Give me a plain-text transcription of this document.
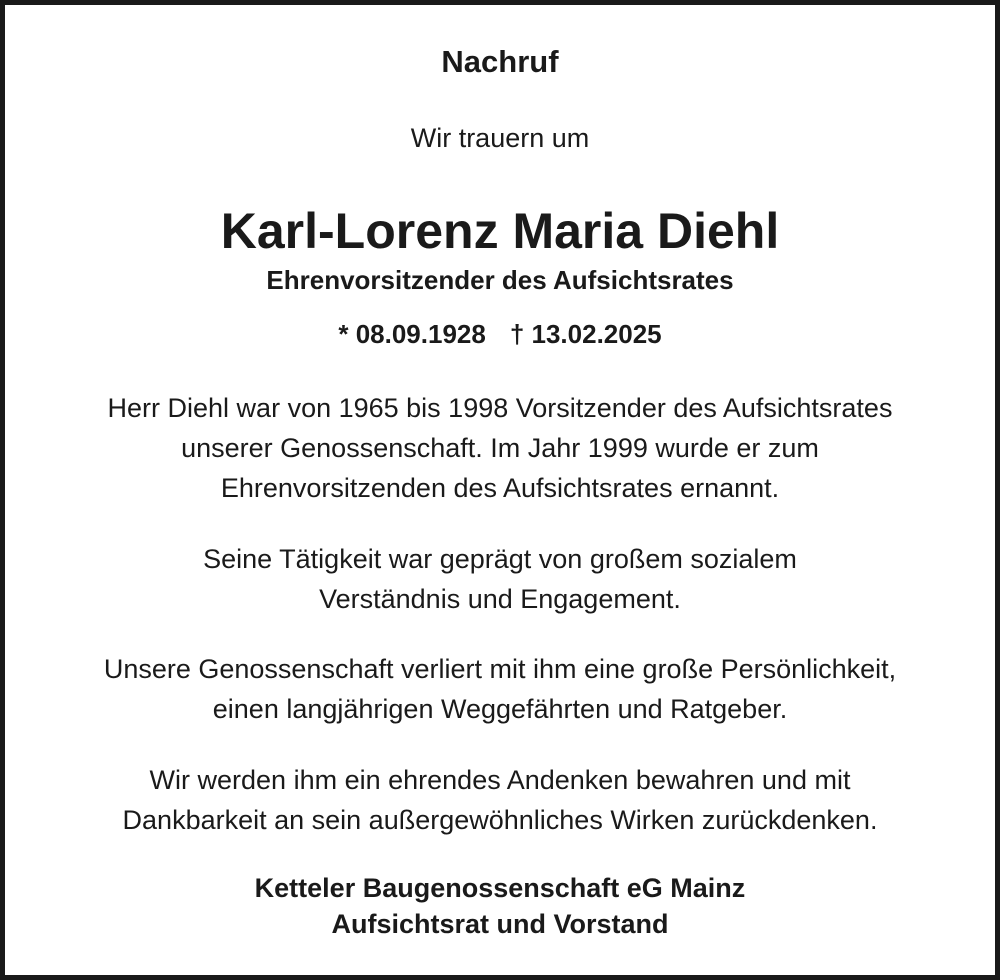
Nachruf

Wir trauern um

Karl-Lorenz Maria Diehl

Ehrenvorsitzender des Aufsichtsrates

* 08.09.1928 † 13.02.2025

Herr Diehl war von 1965 bis 1998 Vorsitzender des Aufsichtsrates
unserer Genossenschaft. Im Jahr 1999 wurde er zum
Ehrenvorsitzenden des Aufsichtsrates ernannt.
Seine Tätigkeit war geprägt von großem sozialem
Verständnis und Engagement.
Unsere Genossenschaft verliert mit ihm eine große Persönlichkeit,
einen langjährigen Weggefährten und Ratgeber.
Wir werden ihm ein ehrendes Andenken bewahren und mit
Dankbarkeit an sein außergewöhnliches Wirken zurückdenken.
Ketteler Baugenossenschaft eG Mainz
Aufsichtsrat und Vorstand
